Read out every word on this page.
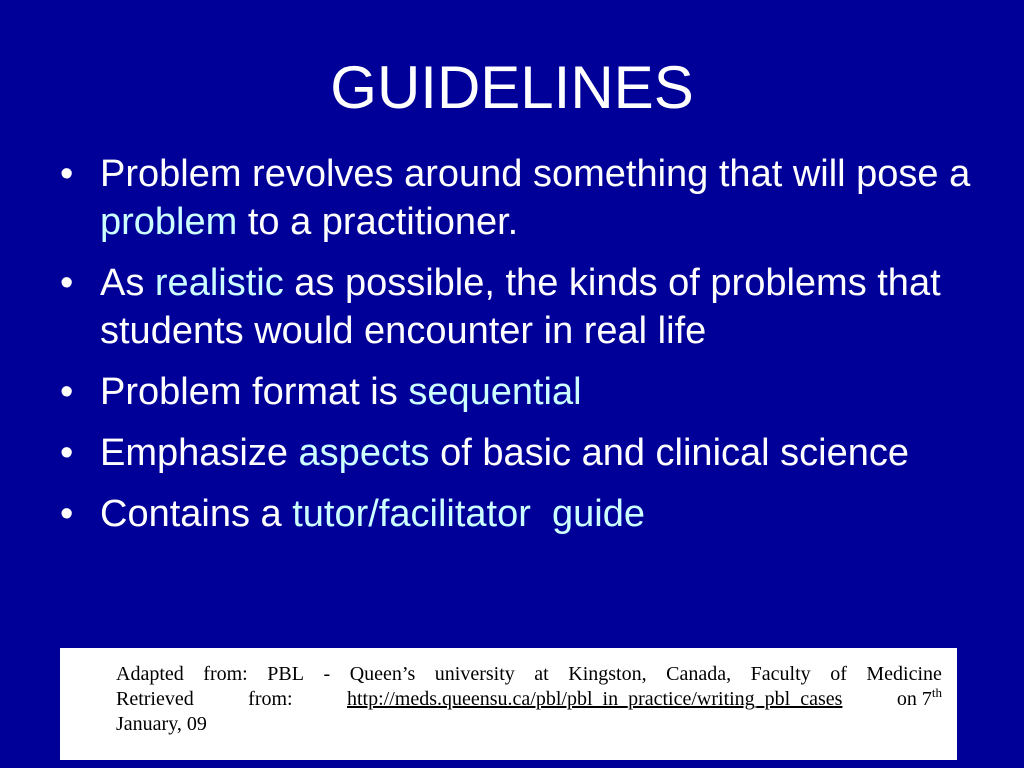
GUIDELINES
• Problem revolves around something that will pose a problem to a practitioner.
• As realistic as possible, the kinds of problems that students would encounter in real life
• Problem format is sequential
• Emphasize aspects of basic and clinical science
• Contains a tutor/facilitator  guide

Adapted from: PBL - Queen’s university at Kingston, Canada, Faculty of Medicine

Retrieved	from:	http://meds.queensu.ca/pbl/pbl_in_practice/writing_pbl_cases	on 7th

January, 09
